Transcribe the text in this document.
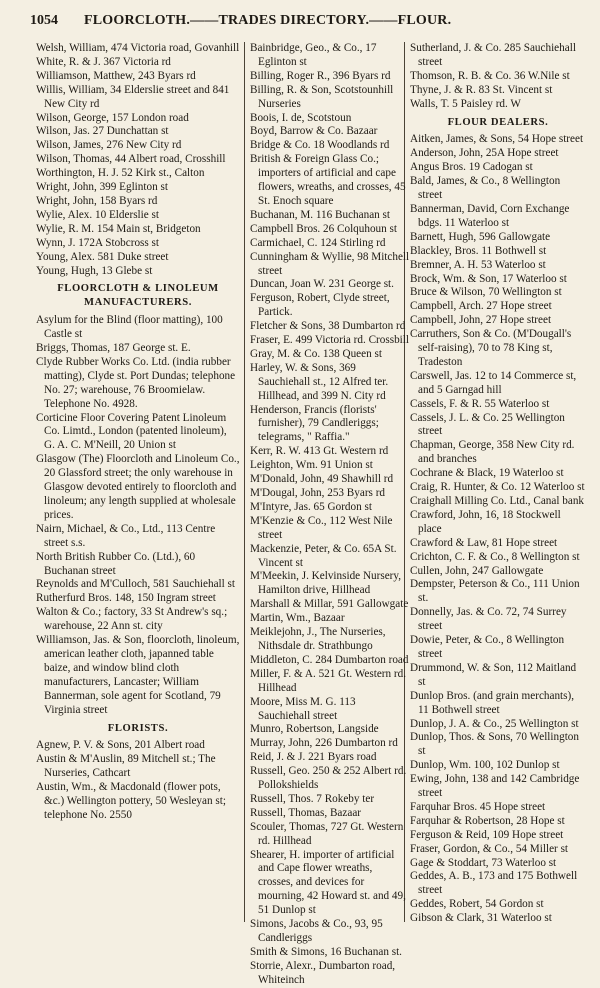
1054 FLOORCLOTH.——TRADES DIRECTORY.——FLOUR.
Welsh, William, 474 Victoria road, Govanhill
White, R. & J. 367 Victoria rd
Williamson, Matthew, 243 Byars rd
Willis, William, 34 Elderslie street and 841 New City rd
Wilson, George, 157 London road
Wilson, Jas. 27 Dunchattan st
Wilson, James, 276 New City rd
Wilson, Thomas, 44 Albert road, Crosshill
Worthington, H. J. 52 Kirk st., Calton
Wright, John, 399 Eglinton st
Wright, John, 158 Byars rd
Wylie, Alex. 10 Elderslie st
Wylie, R. M. 154 Main st, Bridgeton
Wynn, J. 172A Stobcross st
Young, Alex. 581 Duke street
Young, Hugh, 13 Glebe st
FLOORCLOTH & LINOLEUM MANUFACTURERS.
Asylum for the Blind (floor matting), 100 Castle st
Briggs, Thomas, 187 George st. E.
Clyde Rubber Works Co. Ltd. (india rubber matting), Clyde st. Port Dundas; telephone No. 27; warehouse, 76 Broomielaw. Telephone No. 4928.
Corticine Floor Covering Patent Linoleum Co. Limtd., London (patented linoleum), G. A. C. M'Neill, 20 Union st
Glasgow (The) Floorcloth and Linoleum Co., 20 Glassford street; the only warehouse in Glasgow devoted entirely to floorcloth and linoleum; any length supplied at wholesale prices.
Nairn, Michael, & Co., Ltd., 113 Centre street s.s.
North British Rubber Co. (Ltd.), 60 Buchanan street
Reynolds and M'Culloch, 581 Sauchiehall st
Rutherfurd Bros. 148, 150 Ingram street
Walton & Co.; factory, 33 St Andrew's sq.; warehouse, 22 Ann st. city
Williamson, Jas. & Son, floorcloth, linoleum, american leather cloth, japanned table baize, and window blind cloth manufacturers, Lancaster; William Bannerman, sole agent for Scotland, 79 Virginia street
FLORISTS.
Agnew, P. V. & Sons, 201 Albert road
Austin & M'Auslin, 89 Mitchell st.; The Nurseries, Cathcart
Austin, Wm., & Macdonald (flower pots, &c.) Wellington pottery, 50 Wesleyan st; telephone No. 2550
Bainbridge, Geo., & Co., 17 Eglinton st
Billing, Roger R., 396 Byars rd
Billing, R. & Son, Scotstounhill Nurseries
Boois, I. de, Scotstoun
Boyd, Barrow & Co. Bazaar
Bridge & Co. 18 Woodlands rd
British & Foreign Glass Co.; importers of artificial and cape flowers, wreaths, and crosses, 45 St. Enoch square
Buchanan, M. 116 Buchanan st
Campbell Bros. 26 Colquhoun st
Carmichael, C. 124 Stirling rd
Cunningham & Wyllie, 98 Mitchell street
Duncan, Joan W. 231 George st.
Ferguson, Robert, Clyde street, Partick.
Fletcher & Sons, 38 Dumbarton rd
Fraser, E. 499 Victoria rd. Crossbill
Gray, M. & Co. 138 Queen st
Harley, W. & Sons, 369 Sauchiehall st., 12 Alfred ter. Hillhead, and 399 N. City rd
Henderson, Francis (florists' furnisher), 79 Candleriggs; telegrams, " Raffia."
Kerr, R. W. 413 Gt. Western rd
Leighton, Wm. 91 Union st
M'Donald, John, 49 Shawhill rd
M'Dougal, John, 253 Byars rd
M'Intyre, Jas. 65 Gordon st
M'Kenzie & Co., 112 West Nile street
Mackenzie, Peter, & Co. 65A St. Vincent st
M'Meekin, J. Kelvinside Nursery, Hamilton drive, Hillhead
Marshall & Millar, 591 Gallowgate
Martin, Wm., Bazaar
Meiklejohn, J., The Nurseries, Nithsdale dr. Strathbungo
Middleton, C. 284 Dumbarton road
Miller, F. & A. 521 Gt. Western rd. Hillhead
Moore, Miss M. G. 113 Sauchiehall street
Munro, Robertson, Langside
Murray, John, 226 Dumbarton rd
Reid, J. & J. 221 Byars road
Russell, Geo. 250 & 252 Albert rd. Pollokshields
Russell, Thos. 7 Rokeby ter
Russell, Thomas, Bazaar
Scouler, Thomas, 727 Gt. Western rd. Hillhead
Shearer, H. importer of artificial and Cape flower wreaths, crosses, and devices for mourning, 42 Howard st. and 49, 51 Dunlop st
Simons, Jacobs & Co., 93, 95 Candleriggs
Smith & Simons, 16 Buchanan st.
Storrie, Alexr., Dumbarton road, Whiteinch
Sutherland, J. & Co. 285 Sauchiehall street
Thomson, R. B. & Co. 36 W.Nile st
Thyne, J. & R. 83 St. Vincent st
Walls, T. 5 Paisley rd. W
FLOUR DEALERS.
Aitken, James, & Sons, 54 Hope street
Anderson, John, 25A Hope street
Angus Bros. 19 Cadogan st
Bald, James, & Co., 8 Wellington street
Bannerman, David, Corn Exchange bdgs. 11 Waterloo st
Barnett, Hugh, 596 Gallowgate
Blackley, Bros. 11 Bothwell st
Bremner, A. H. 53 Waterloo st
Brock, Wm. & Son, 17 Waterloo st
Bruce & Wilson, 70 Wellington st
Campbell, Arch. 27 Hope street
Campbell, John, 27 Hope street
Carruthers, Son & Co. (M'Dougall's self-raising), 70 to 78 King st, Tradeston
Carswell, Jas. 12 to 14 Commerce st, and 5 Garngad hill
Cassels, F. & R. 55 Waterloo st
Cassels, J. L. & Co. 25 Wellington street
Chapman, George, 358 New City rd. and branches
Cochrane & Black, 19 Waterloo st
Craig, R. Hunter, & Co. 12 Waterloo st
Craighall Milling Co. Ltd., Canal bank
Crawford, John, 16, 18 Stockwell place
Crawford & Law, 81 Hope street
Crichton, C. F. & Co., 8 Wellington st
Cullen, John, 247 Gallowgate
Dempster, Peterson & Co., 111 Union st.
Donnelly, Jas. & Co. 72, 74 Surrey street
Dowie, Peter, & Co., 8 Wellington street
Drummond, W. & Son, 112 Maitland st
Dunlop Bros. (and grain merchants), 11 Bothwell street
Dunlop, J. A. & Co., 25 Wellington st
Dunlop, Thos. & Sons, 70 Wellington st
Dunlop, Wm. 100, 102 Dunlop st
Ewing, John, 138 and 142 Cambridge street
Farquhar Bros. 45 Hope street
Farquhar & Robertson, 28 Hope st
Ferguson & Reid, 109 Hope street
Fraser, Gordon, & Co., 54 Miller st
Gage & Stoddart, 73 Waterloo st
Geddes, A. B., 173 and 175 Bothwell street
Geddes, Robert, 54 Gordon st
Gibson & Clark, 31 Waterloo st
